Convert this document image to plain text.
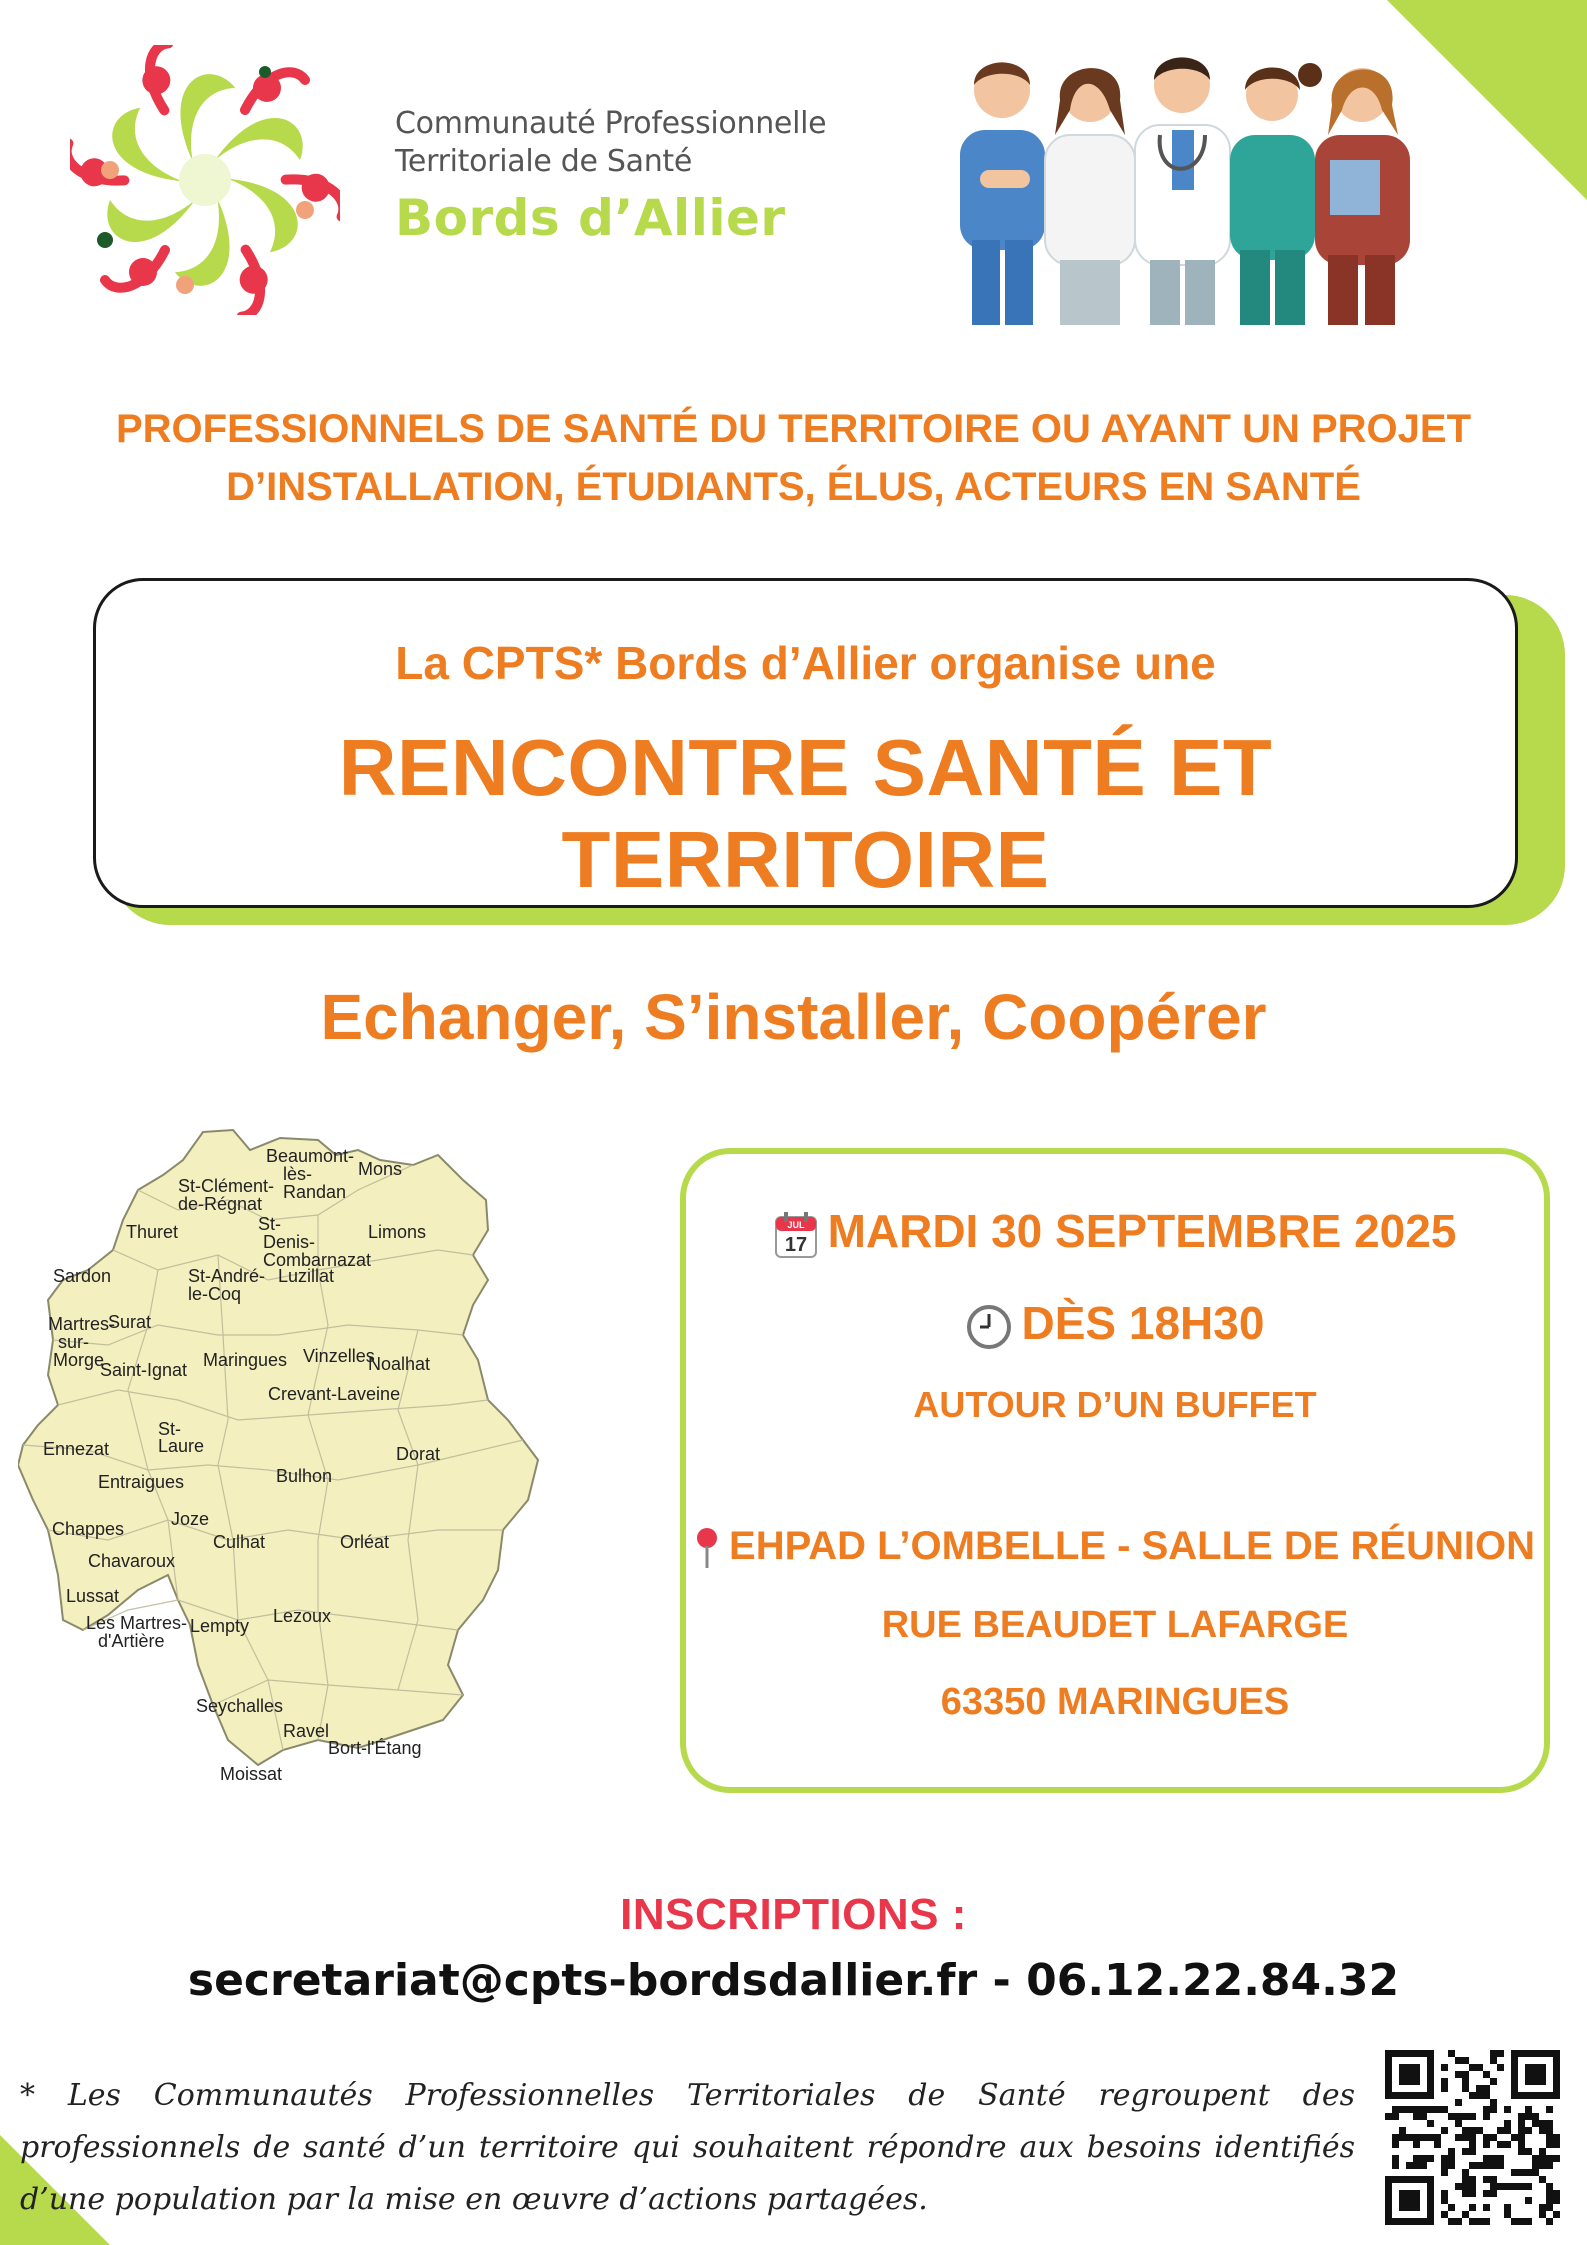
Communauté Professionnelle
Territoriale de Santé
Bords d’Allier
PROFESSIONNELS DE SANTÉ DU TERRITOIRE OU AYANT UN PROJET
D’INSTALLATION, ÉTUDIANTS, ÉLUS, ACTEURS EN SANTÉ
La CPTS* Bords d’Allier organise une
RENCONTRE SANTÉ ET TERRITOIRE
Echanger, S’installer, Coopérer
Beaumont-
lès-
Randan
Mons
St-Clément-
de-Régnat
St-
Denis-
Combarnazat
Thuret	Limons
Sardon	St-André-
le-Coq
Luzillat
Martres-
sur-
Morge
Surat
Saint-Ignat Maringues Vinzelles
Noalhat
Crevant-Laveine
Ennezat
St-
Laure
Entraigues
Dorat
Bulhon
Joze
Chappes
Culhat	Orléat
Chavaroux
Lussat
Les Martres-
d'Artière
Lempty Lezoux
Seychalles
Ravel
Bort-l'Étang
Moissat
JUL
17 MARDI 30 SEPTEMBRE 2025
DÈS 18H30
AUTOUR D’UN BUFFET
EHPAD L’OMBELLE - SALLE DE RÉUNION
RUE BEAUDET LAFARGE
63350 MARINGUES
INSCRIPTIONS :
secretariat@cpts-bordsdallier.fr - 06.12.22.84.32
* Les Communautés Professionnelles Territoriales de Santé regroupent des professionnels de santé d’un territoire qui souhaitent répondre aux besoins identifiés d’une population par la mise en œuvre d’actions partagées.
